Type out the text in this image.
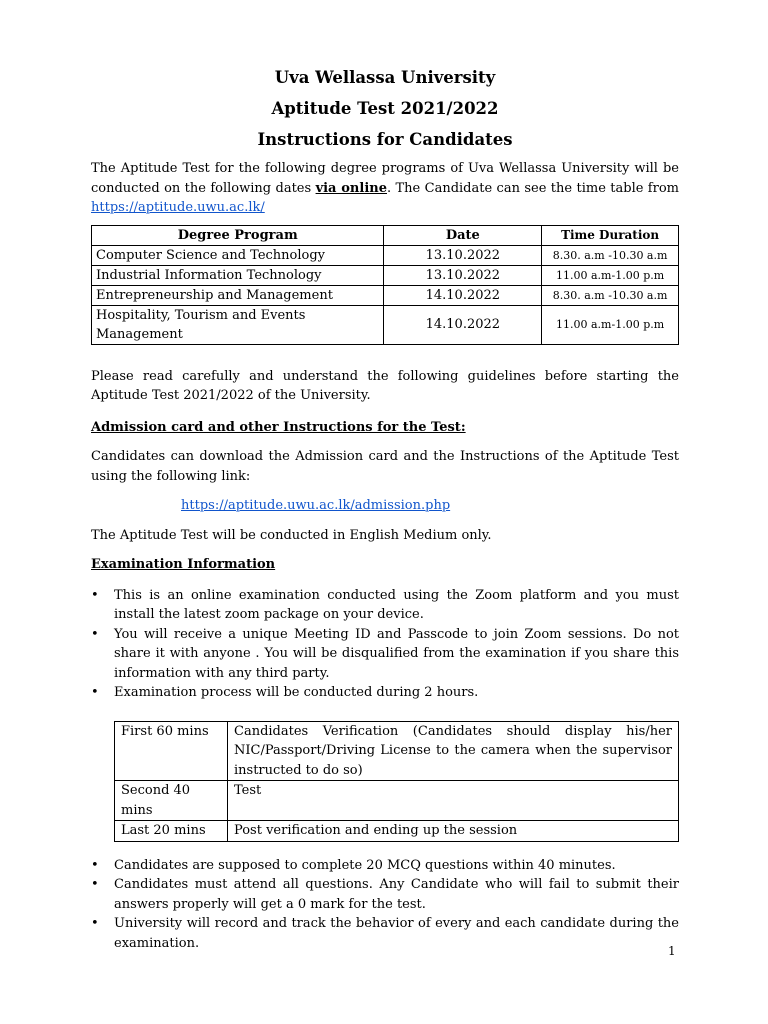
Uva Wellassa University

Aptitude Test 2021/2022

Instructions for Candidates

The Aptitude Test for the following degree programs of Uva Wellassa University will be conducted on the following dates via online. The Candidate can see the time table from https://aptitude.uwu.ac.lk/

Degree Program	Date	Time Duration
Computer Science and Technology	13.10.2022	8.30. a.m -10.30 a.m
Industrial Information Technology	13.10.2022	11.00 a.m-1.00 p.m
Entrepreneurship and Management	14.10.2022	8.30. a.m -10.30 a.m
Hospitality, Tourism and Events Management	14.10.2022	11.00 a.m-1.00 p.m

Please read carefully and understand the following guidelines before starting the Aptitude Test 2021/2022 of the University.

Admission card and other Instructions for the Test:

Candidates can download the Admission card and the Instructions of the Aptitude Test using the following link:

https://aptitude.uwu.ac.lk/admission.php

The Aptitude Test will be conducted in English Medium only.

Examination Information

• This is an online examination conducted using the Zoom platform and you must install the latest zoom package on your device.
• You will receive a unique Meeting ID and Passcode to join Zoom sessions. Do not share it with anyone . You will be disqualified from the examination if you share this information with any third party.
• Examination process will be conducted during 2 hours.
First 60 mins	Candidates Verification (Candidates should display his/her NIC/Passport/Driving License to the camera when the supervisor instructed to do so)
Second 40 mins	Test
Last 20 mins	Post verification and ending up the session
• Candidates are supposed to complete 20 MCQ questions within 40 minutes.
• Candidates must attend all questions. Any Candidate who will fail to submit their answers properly will get a 0 mark for the test.
• University will record and track the behavior of every and each candidate during the examination.
1
